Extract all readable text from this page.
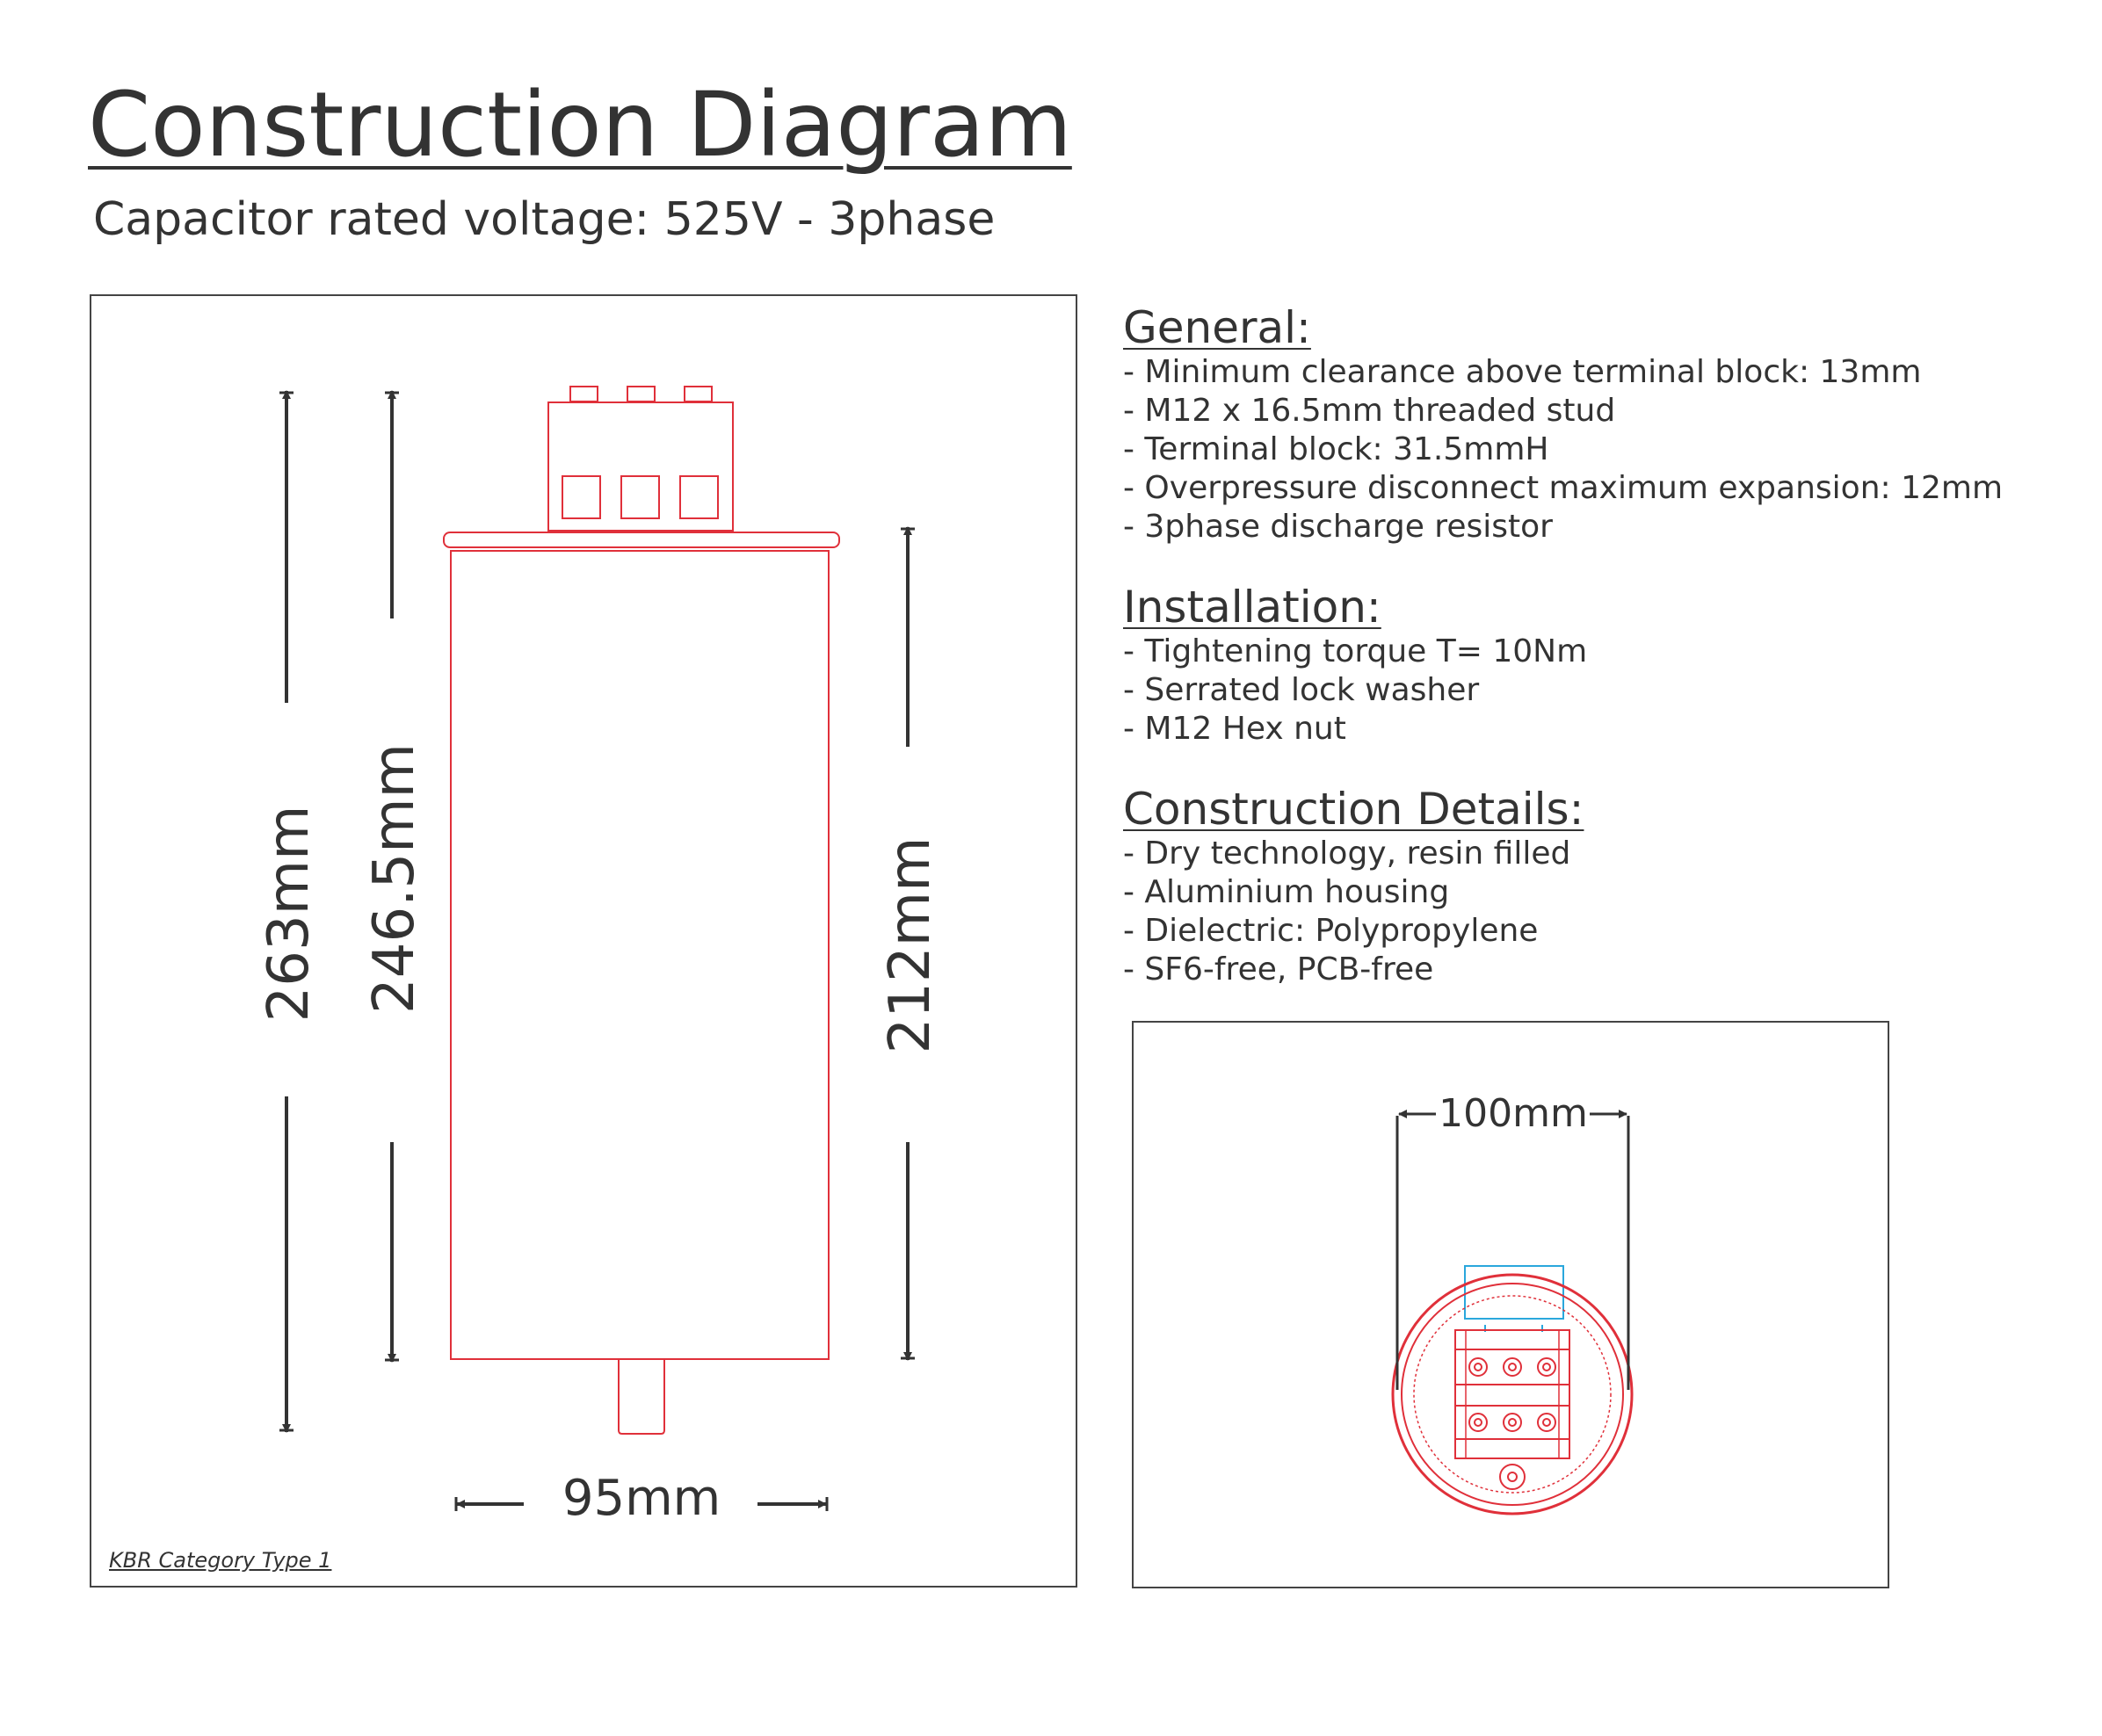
Construction Diagram
Capacitor rated voltage: 525V - 3phase
263mm 246.5mm	212mm
95mm
100mm
KBR Category Type 1
General:
- Minimum clearance above terminal block: 13mm
- M12 x 16.5mm threaded stud
- Terminal block: 31.5mmH
- Overpressure disconnect maximum expansion: 12mm
- 3phase discharge resistor
Installation:
- Tightening torque T= 10Nm
- Serrated lock washer
- M12 Hex nut
Construction Details:
- Dry technology, resin filled
- Aluminium housing
- Dielectric: Polypropylene
- SF6-free, PCB-free
